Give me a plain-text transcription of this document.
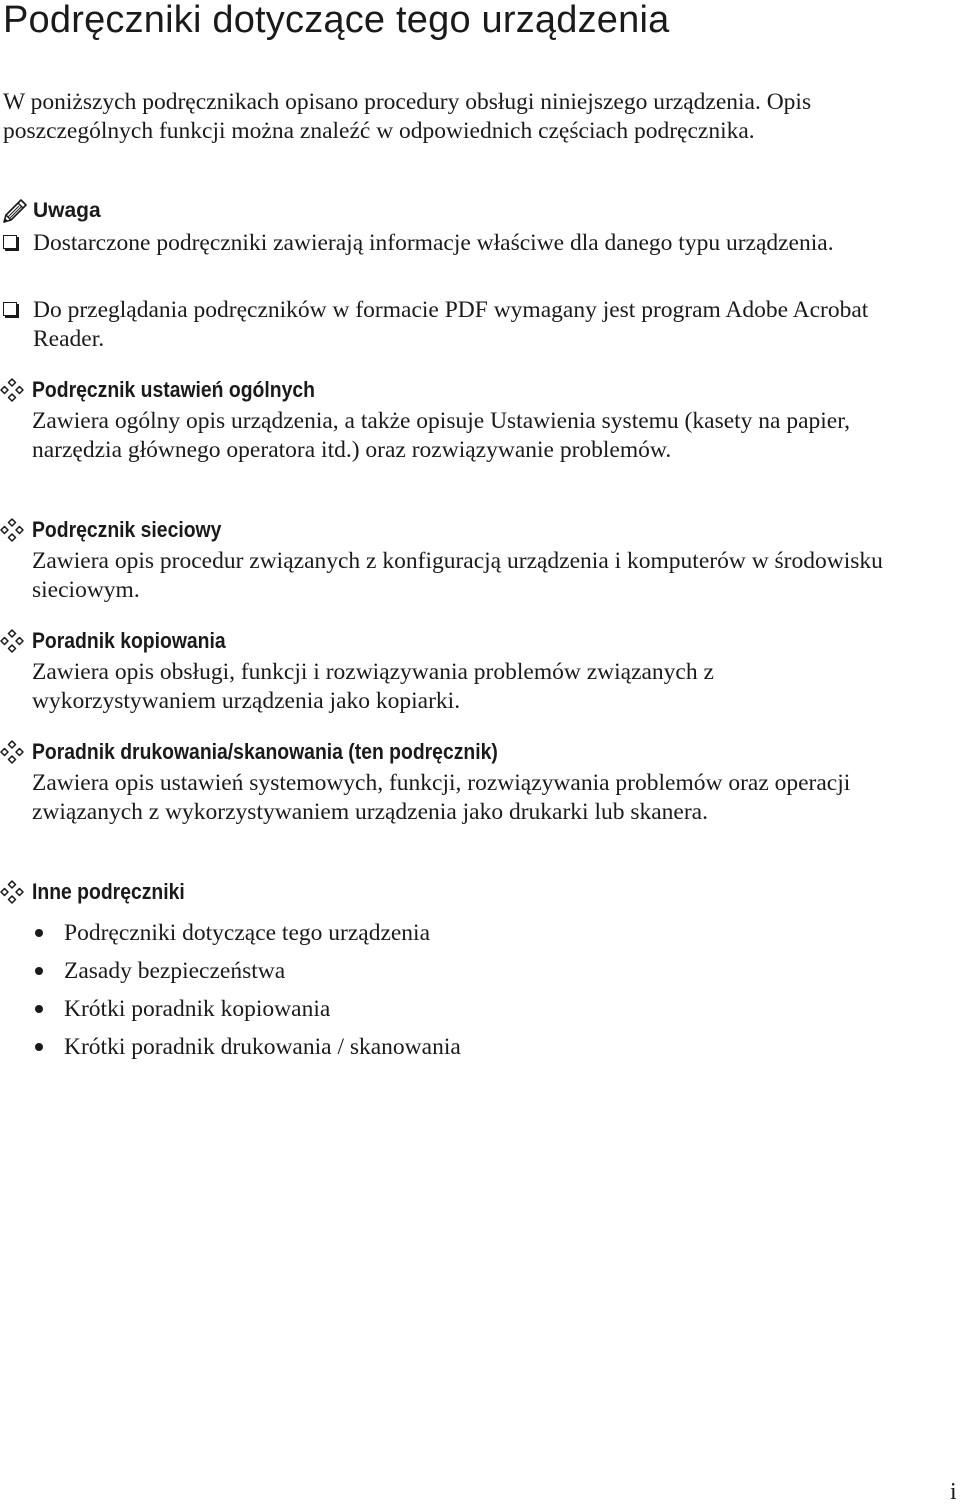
Podręczniki dotyczące tego urządzenia

W poniższych podręcznikach opisano procedury obsługi niniejszego urządzenia. Opis poszczególnych funkcji można znaleźć w odpowiednich częściach podręcznika.

Uwaga
Dostarczone podręczniki zawierają informacje właściwe dla danego typu urządzenia.
Do przeglądania podręczników w formacie PDF wymagany jest program Adobe Acrobat Reader.
Podręcznik ustawień ogólnych
Zawiera ogólny opis urządzenia, a także opisuje Ustawienia systemu (kasety na papier, narzędzia głównego operatora itd.) oraz rozwiązywanie problemów.
Podręcznik sieciowy
Zawiera opis procedur związanych z konfiguracją urządzenia i komputerów w środowisku sieciowym.
Poradnik kopiowania
Zawiera opis obsługi, funkcji i rozwiązywania problemów związanych z wykorzystywaniem urządzenia jako kopiarki.
Poradnik drukowania/skanowania (ten podręcznik)
Zawiera opis ustawień systemowych, funkcji, rozwiązywania problemów oraz operacji związanych z wykorzystywaniem urządzenia jako drukarki lub skanera.
Inne podręczniki
Podręczniki dotyczące tego urządzenia
Zasady bezpieczeństwa
Krótki poradnik kopiowania
Krótki poradnik drukowania / skanowania
i
